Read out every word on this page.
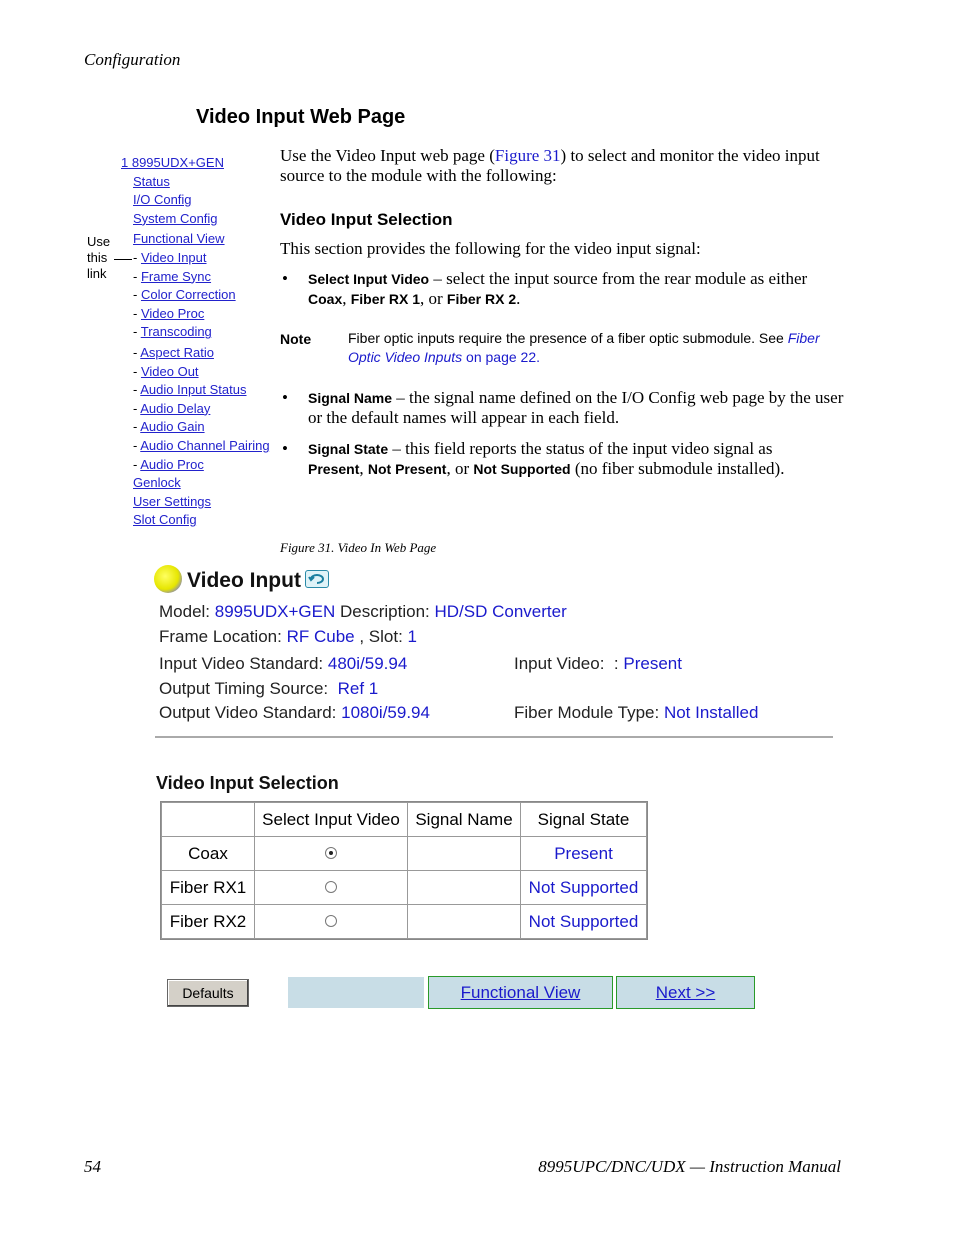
Configuration
Video Input Web Page
1 8995UDX+GEN
Status
I/O Config
System Config
Functional View
- Video Input
- Frame Sync
- Color Correction
- Video Proc
- Transcoding
- Aspect Ratio
- Video Out
- Audio Input Status
- Audio Delay
- Audio Gain
- Audio Channel Pairing
- Audio Proc
Genlock
User Settings
Slot Config
Use
this
link
Use the Video Input web page (Figure 31) to select and monitor the video input source to the module with the following:
Video Input Selection
This section provides the following for the video input signal:
• Select Input Video – select the input source from the rear module as either
Coax, Fiber RX 1, or Fiber RX 2.
Note	Fiber optic inputs require the presence of a fiber optic submodule. See Fiber Optic Video Inputs on page 22.
• Signal Name – the signal name defined on the I/O Config web page by the user or the default names will appear in each field.
• Signal State – this field reports the status of the input video signal as
Present, Not Present, or Not Supported (no fiber submodule installed).
Figure 31. Video In Web Page
Video Input
Model: 8995UDX+GEN Description: HD/SD Converter
Frame Location: RF Cube , Slot: 1
Input Video Standard: 480i/59.94	Input Video: : Present
Output Timing Source: Ref 1
Output Video Standard: 1080i/59.94	Fiber Module Type: Not Installed
Video Input Selection
	Select Input Video	Signal Name	Signal State
Coax			Present
Fiber RX1			Not Supported
Fiber RX2			Not Supported
Defaults	Functional View	Next >>
54	8995UPC/DNC/UDX — Instruction Manual
